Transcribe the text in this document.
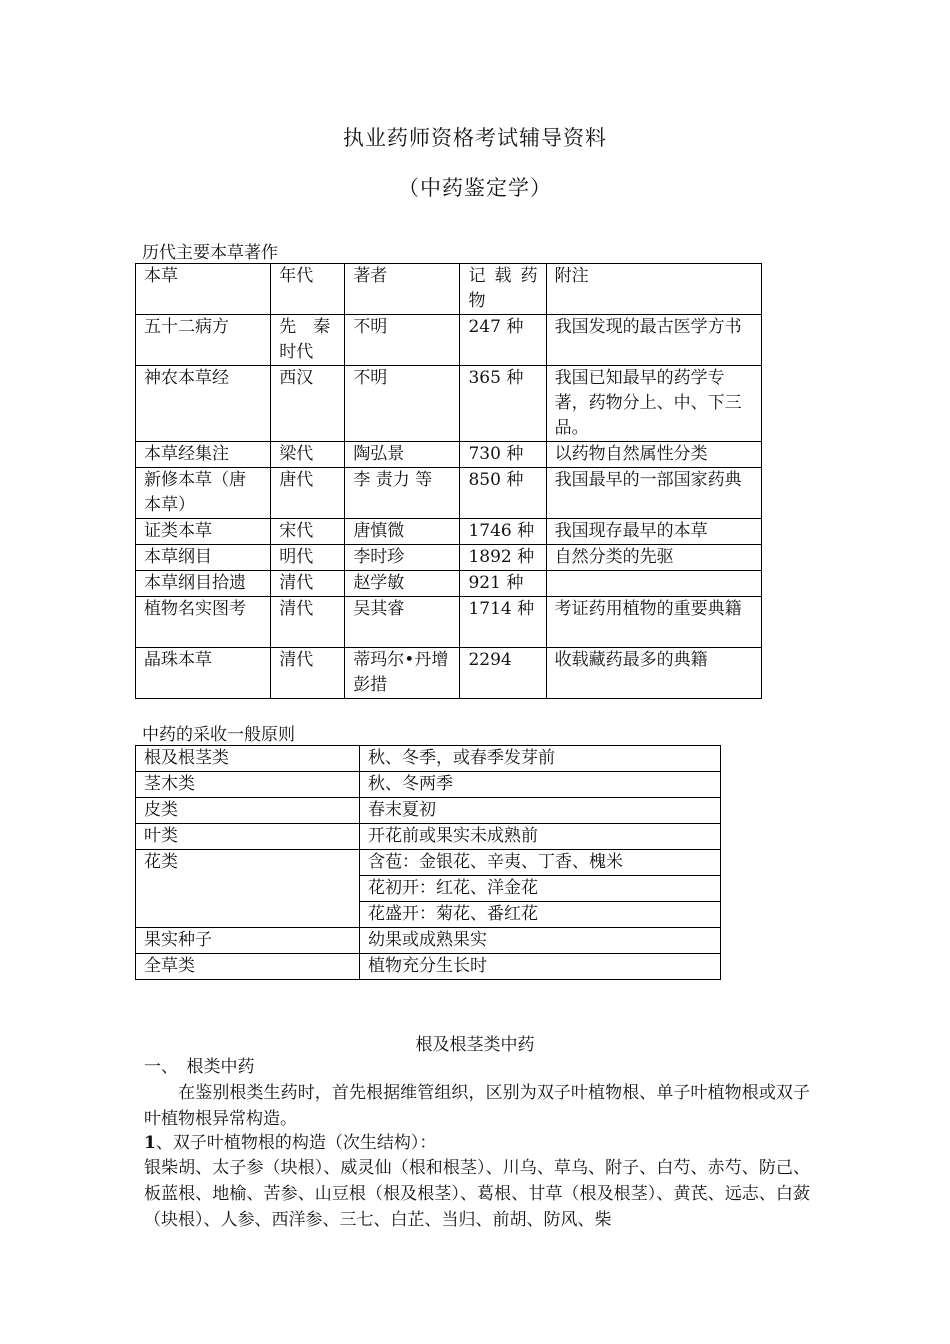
执业药师资格考试辅导资料
（中药鉴定学）
历代主要本草著作
本草	年代	著者	记 载 药物	附注
五十二病方	先　秦时代	不明	247 种	我国发现的最古医学方书
神农本草经	西汉	不明	365 种	我国已知最早的药学专著，药物分上、中、下三品。
本草经集注	梁代	陶弘景	730 种	以药物自然属性分类
新修本草（唐本草）	唐代	李 责力 等	850 种	我国最早的一部国家药典
证类本草	宋代	唐慎微	1746 种	我国现存最早的本草
本草纲目	明代	李时珍	1892 种	自然分类的先驱
本草纲目拾遗	清代	赵学敏	921 种	
植物名实图考	清代	吴其睿	1714 种	考证药用植物的重要典籍
晶珠本草	清代	蒂玛尔•丹增彭措	2294	收载藏药最多的典籍
中药的采收一般原则
根及根茎类	秋、冬季，或春季发芽前
茎木类	秋、冬两季
皮类	春末夏初
叶类	开花前或果实未成熟前
花类	含苞：金银花、辛夷、丁香、槐米
	花初开：红花、洋金花
	花盛开：菊花、番红花
果实种子	幼果或成熟果实
全草类	植物充分生长时
根及根茎类中药
一、　根类中药
　　在鉴别根类生药时，首先根据维管组织，区别为双子叶植物根、单子叶植物根或双子叶植物根异常构造。
1、双子叶植物根的构造（次生结构）：
银柴胡、太子参（块根）、威灵仙（根和根茎）、川乌、草乌、附子、白芍、赤芍、防己、板蓝根、地榆、苦参、山豆根（根及根茎）、葛根、甘草（根及根茎）、黄芪、远志、白蔹（块根）、人参、西洋参、三七、白芷、当归、前胡、防风、柴
